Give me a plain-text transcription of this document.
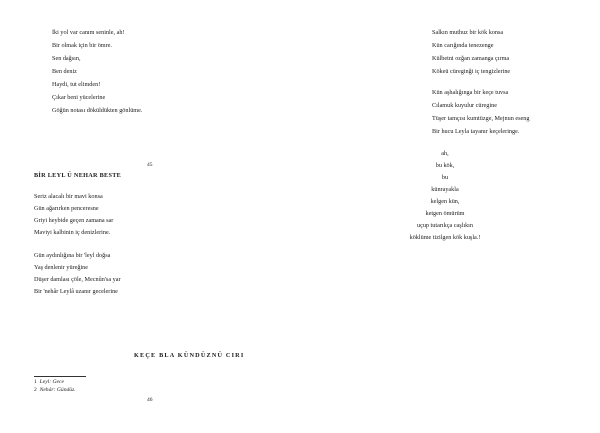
İki yol var canım seninle, ah!
Bir olmak için bir ömre.
Sen dağsın,
Ben deniz
Haydi, tut elimden!
Çıkar beni yücelerine
Göğün notası döküldükten gönlüme.
45
BİR LEYL Ü NEHAR BESTE
Seriz alacalı bir mavi konsa
Gün ağarırken penceresne
Griyi heybide geçen zamana sar
Maviyi kalbinin iç denizlerine.
Gün aydınlığına bir 'leyl doğsa
Yaş denlenir yüreğine
Düşer damlası çöle, Mecnûn'sa yar
Bir 'nehâr Leylâ uzanır gecelerine
Salkın muthuz bir kök konsa
Kün carığında tenezenge
Külbetni ozğan zamanga çırma
Kökeü cüreginği iç tengizlerine
Kün aşhalığınga bir keçe tuvsa
Cılamuk kuyulur cüregine
Tüşer tamçısı kumtüzge, Mejnun eseng
Bir hucu Leyla tayanır keçeleringe.
ah,
bu kök,
bu
künrayakla
kelgen kün,
ketgen ömürüm
uçup tutarıkça caşlıkın
köklüme tizilgen kök kuşla.!
KEÇE BLA KÜNDÜZNÜ CIRI
1 Leyl: Gece
2 Nehâr: Gündüz.
46
